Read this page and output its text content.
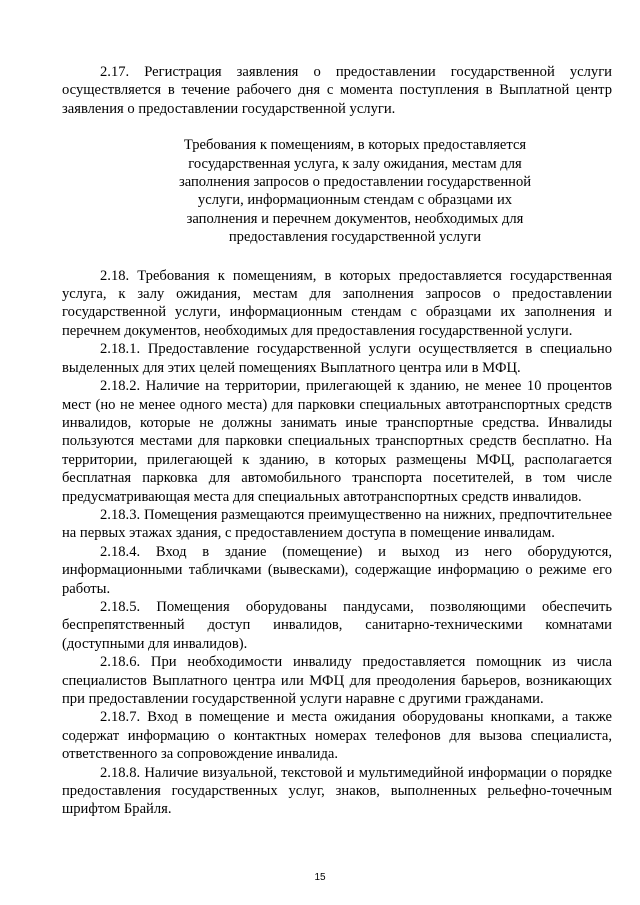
2.17. Регистрация заявления о предоставлении государственной услуги осуществляется в течение рабочего дня с момента поступления в Выплатной центр заявления о предоставлении государственной услуги.

Требования к помещениям, в которых предоставляется государственная услуга, к залу ожидания, местам для заполнения запросов о предоставлении государственной услуги, информационным стендам с образцами их заполнения и перечнем документов, необходимых для предоставления государственной услуги

2.18. Требования к помещениям, в которых предоставляется государственная услуга, к залу ожидания, местам для заполнения запросов о предоставлении государственной услуги, информационным стендам с образцами их заполнения и перечнем документов, необходимых для предоставления государственной услуги.

2.18.1. Предоставление государственной услуги осуществляется в специально выделенных для этих целей помещениях Выплатного центра или в МФЦ.

2.18.2. Наличие на территории, прилегающей к зданию, не менее 10 процентов мест (но не менее одного места) для парковки специальных автотранспортных средств инвалидов, которые не должны занимать иные транспортные средства. Инвалиды пользуются местами для парковки специальных транспортных средств бесплатно. На территории, прилегающей к зданию, в которых размещены МФЦ, располагается бесплатная парковка для автомобильного транспорта посетителей, в том числе предусматривающая места для специальных автотранспортных средств инвалидов.

2.18.3. Помещения размещаются преимущественно на нижних, предпочтительнее на первых этажах здания, с предоставлением доступа в помещение инвалидам.

2.18.4. Вход в здание (помещение) и выход из него оборудуются, информационными табличками (вывесками), содержащие информацию о режиме его работы.

2.18.5. Помещения оборудованы пандусами, позволяющими обеспечить беспрепятственный доступ инвалидов, санитарно-техническими комнатами (доступными для инвалидов).

2.18.6. При необходимости инвалиду предоставляется помощник из числа специалистов Выплатного центра или МФЦ для преодоления барьеров, возникающих при предоставлении государственной услуги наравне с другими гражданами.

2.18.7. Вход в помещение и места ожидания оборудованы кнопками, а также содержат информацию о контактных номерах телефонов для вызова специалиста, ответственного за сопровождение инвалида.

2.18.8. Наличие визуальной, текстовой и мультимедийной информации о порядке предоставления государственных услуг, знаков, выполненных рельефно-точечным шрифтом Брайля.

15
